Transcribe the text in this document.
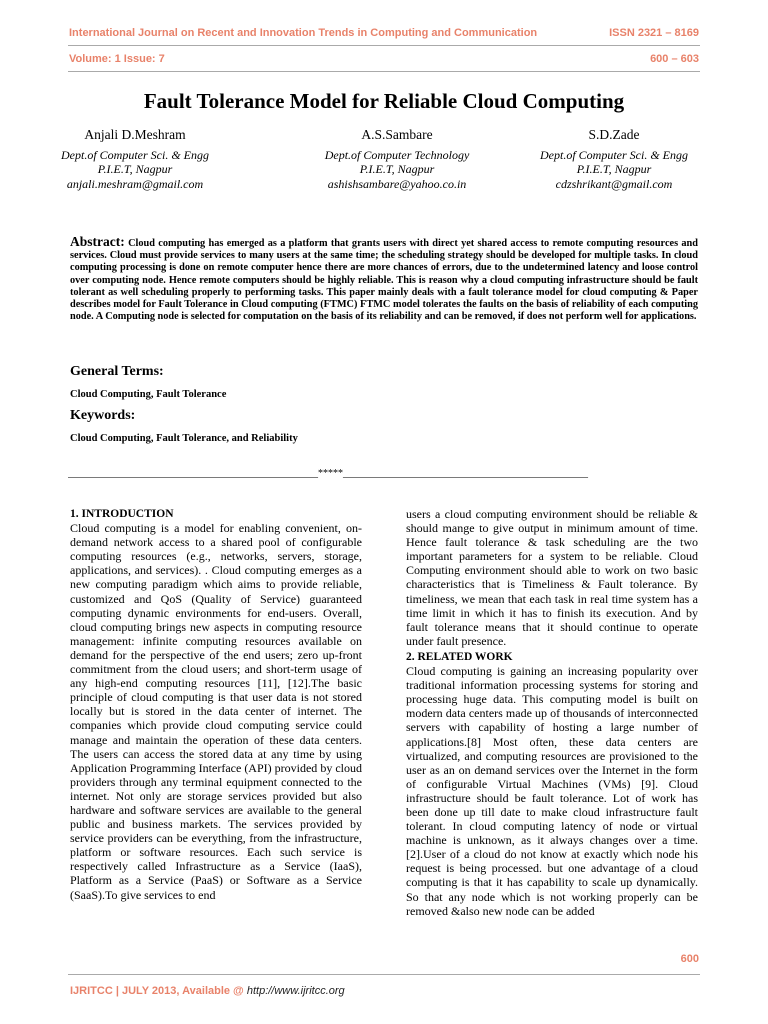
International Journal on Recent and Innovation Trends in Computing and Communication	ISSN 2321 – 8169
Volume: 1 Issue: 7	600 – 603
Fault Tolerance Model for Reliable Cloud Computing
Anjali D.Meshram
Dept.of Computer Sci. & Engg
P.I.E.T, Nagpur
anjali.meshram@gmail.com
A.S.Sambare
Dept.of Computer Technology
P.I.E.T, Nagpur
ashishsambare@yahoo.co.in
S.D.Zade
Dept.of Computer Sci. & Engg
P.I.E.T, Nagpur
cdzshrikant@gmail.com
Abstract: Cloud computing has emerged as a platform that grants users with direct yet shared access to remote computing resources and services. Cloud must provide services to many users at the same time; the scheduling strategy should be developed for multiple tasks. In cloud computing processing is done on remote computer hence there are more chances of errors, due to the undetermined latency and loose control over computing node. Hence remote computers should be highly reliable. This is reason why a cloud computing infrastructure should be fault tolerant as well scheduling properly to performing tasks. This paper mainly deals with a fault tolerance model for cloud computing & Paper describes model for Fault Tolerance in Cloud computing (FTMC) FTMC model tolerates the faults on the basis of reliability of each computing node. A Computing node is selected for computation on the basis of its reliability and can be removed, if does not perform well for applications.
General Terms:
Cloud Computing, Fault Tolerance
Keywords:
Cloud Computing, Fault Tolerance, and Reliability
__________________________________________________*****_________________________________________________

1. INTRODUCTION

Cloud computing is a model for enabling convenient, on-demand network access to a shared pool of configurable computing resources (e.g., networks, servers, storage, applications, and services). . Cloud computing emerges as a new computing paradigm which aims to provide reliable, customized and QoS (Quality of Service) guaranteed computing dynamic environments for end-users. Overall, cloud computing brings new aspects in computing resource management: infinite computing resources available on demand for the perspective of the end users; zero up-front commitment from the cloud users; and short-term usage of any high-end computing resources [11], [12].The basic principle of cloud computing is that user data is not stored locally but is stored in the data center of internet. The companies which provide cloud computing service could manage and maintain the operation of these data centers. The users can access the stored data at any time by using Application Programming Interface (API) provided by cloud providers through any terminal equipment connected to the internet. Not only are storage services provided but also hardware and software services are available to the general public and business markets. The services provided by service providers can be everything, from the infrastructure, platform or software resources. Each such service is respectively called Infrastructure as a Service (IaaS), Platform as a Service (PaaS) or Software as a Service (SaaS).To give services to end

users a cloud computing environment should be reliable & should mange to give output in minimum amount of time. Hence fault tolerance & task scheduling are the two important parameters for a system to be reliable. Cloud Computing environment should able to work on two basic characteristics that is Timeliness & Fault tolerance. By timeliness, we mean that each task in real time system has a time limit in which it has to finish its execution. And by fault tolerance means that it should continue to operate under fault presence.

2. RELATED WORK

Cloud computing is gaining an increasing popularity over traditional information processing systems for storing and processing huge data. This computing model is built on modern data centers made up of thousands of interconnected servers with capability of hosting a large number of applications.[8] Most often, these data centers are virtualized, and computing resources are provisioned to the user as an on demand services over the Internet in the form of configurable Virtual Machines (VMs) [9]. Cloud infrastructure should be fault tolerance. Lot of work has been done up till date to make cloud infrastructure fault tolerant. In cloud computing latency of node or virtual machine is unknown, as it always changes over a time.[2].User of a cloud do not know at exactly which node his request is being processed. but one advantage of a cloud computing is that it has capability to scale up dynamically. So that any node which is not working properly can be removed &also new node can be added

600
IJRITCC | JULY 2013, Available @ http://www.ijritcc.org
